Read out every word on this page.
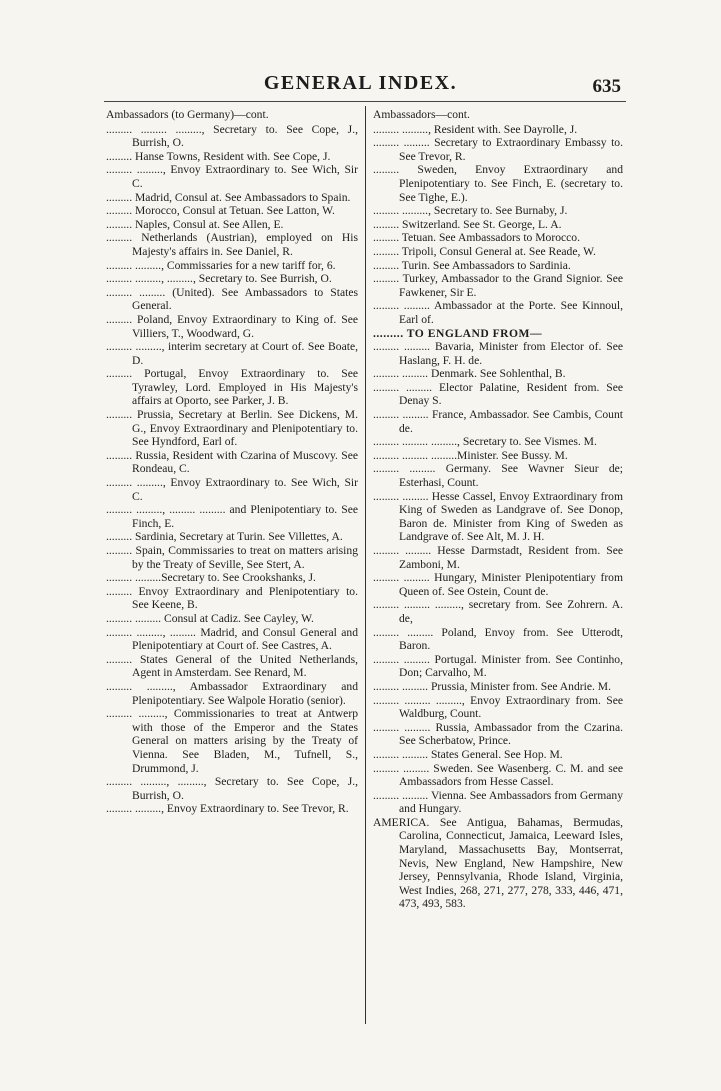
GENERAL INDEX.	635

Ambassadors (to Germany)—cont.

......... ......... ........., Secretary to. See Cope, J., Burrish, O.

......... Hanse Towns, Resident with. See Cope, J.

......... ........., Envoy Extraordinary to. See Wich, Sir C.

......... Madrid, Consul at. See Ambassadors to Spain.

......... Morocco, Consul at Tetuan. See Latton, W.

......... Naples, Consul at. See Allen, E.

......... Netherlands (Austrian), employed on His Majesty's affairs in. See Daniel, R.

......... ........., Commissaries for a new tariff for, 6.

......... ........., ........., Secretary to. See Burrish, O.

......... ......... (United). See Ambassadors to States General.

......... Poland, Envoy Extraordinary to King of. See Villiers, T., Woodward, G.

......... ........., interim secretary at Court of. See Boate, D.

......... Portugal, Envoy Extraordinary to. See Tyrawley, Lord. Employed in His Majesty's affairs at Oporto, see Parker, J. B.

......... Prussia, Secretary at Berlin. See Dickens, M. G., Envoy Extraordinary and Plenipotentiary to. See Hyndford, Earl of.

......... Russia, Resident with Czarina of Muscovy. See Rondeau, C.

......... ........., Envoy Extraordinary to. See Wich, Sir C.

......... ........., ......... ......... and Plenipotentiary to. See Finch, E.

......... Sardinia, Secretary at Turin. See Villettes, A.

......... Spain, Commissaries to treat on matters arising by the Treaty of Seville, See Stert, A.

......... .........Secretary to. See Crookshanks, J.

......... Envoy Extraordinary and Plenipotentiary to. See Keene, B.

......... ......... Consul at Cadiz. See Cayley, W.

......... ........., ......... Madrid, and Consul General and Plenipotentiary at Court of. See Castres, A.

......... States General of the United Netherlands, Agent in Amsterdam. See Renard, M.

......... ........., Ambassador Extraordinary and Plenipotentiary. See Walpole Horatio (senior).

......... ........., Commissionaries to treat at Antwerp with those of the Emperor and the States General on matters arising by the Treaty of Vienna. See Bladen, M., Tufnell, S., Drummond, J.

......... ........., ........., Secretary to. See Cope, J., Burrish, O.

......... ........., Envoy Extraordinary to. See Trevor, R.

Ambassadors—cont.

......... ........., Resident with. See Dayrolle, J.

......... ......... Secretary to Extraordinary Embassy to. See Trevor, R.

......... Sweden, Envoy Extraordinary and Plenipotentiary to. See Finch, E. (secretary to. See Tighe, E.).

......... ........., Secretary to. See Burnaby, J.

......... Switzerland. See St. George, L. A.

......... Tetuan. See Ambassadors to Morocco.

......... Tripoli, Consul General at. See Reade, W.

......... Turin. See Ambassadors to Sardinia.

......... Turkey, Ambassador to the Grand Signior. See Fawkener, Sir E.

......... ......... Ambassador at the Porte. See Kinnoul, Earl of.

......... TO ENGLAND FROM—

......... ......... Bavaria, Minister from Elector of. See Haslang, F. H. de.

......... ......... Denmark. See Sohlenthal, B.

......... ......... Elector Palatine, Resident from. See Denay S.

......... ......... France, Ambassador. See Cambis, Count de.

......... ......... ........., Secretary to. See Vismes. M.

......... ......... .........Minister. See Bussy. M.

......... ......... Germany. See Wavner Sieur de; Esterhasi, Count.

......... ......... Hesse Cassel, Envoy Extraordinary from King of Sweden as Landgrave of. See Donop, Baron de. Minister from King of Sweden as Landgrave of. See Alt, M. J. H.

......... ......... Hesse Darmstadt, Resident from. See Zamboni, M.

......... ......... Hungary, Minister Plenipotentiary from Queen of. See Ostein, Count de.

......... ......... ........., secretary from. See Zohrern. A. de,

......... ......... Poland, Envoy from. See Utterodt, Baron.

......... ......... Portugal. Minister from. See Continho, Don; Carvalho, M.

......... ......... Prussia, Minister from. See Andrie. M.

......... ......... ........., Envoy Extraordinary from. See Waldburg, Count.

......... ......... Russia, Ambassador from the Czarina. See Scherbatow, Prince.

......... ......... States General. See Hop. M.

......... ......... Sweden. See Wasenberg. C. M. and see Ambassadors from Hesse Cassel.

......... ......... Vienna. See Ambassadors from Germany and Hungary.

AMERICA. See Antigua, Bahamas, Bermudas, Carolina, Connecticut, Jamaica, Leeward Isles, Maryland, Massachusetts Bay, Montserrat, Nevis, New England, New Hampshire, New Jersey, Pennsylvania, Rhode Island, Virginia, West Indies, 268, 271, 277, 278, 333, 446, 471, 473, 493, 583.
